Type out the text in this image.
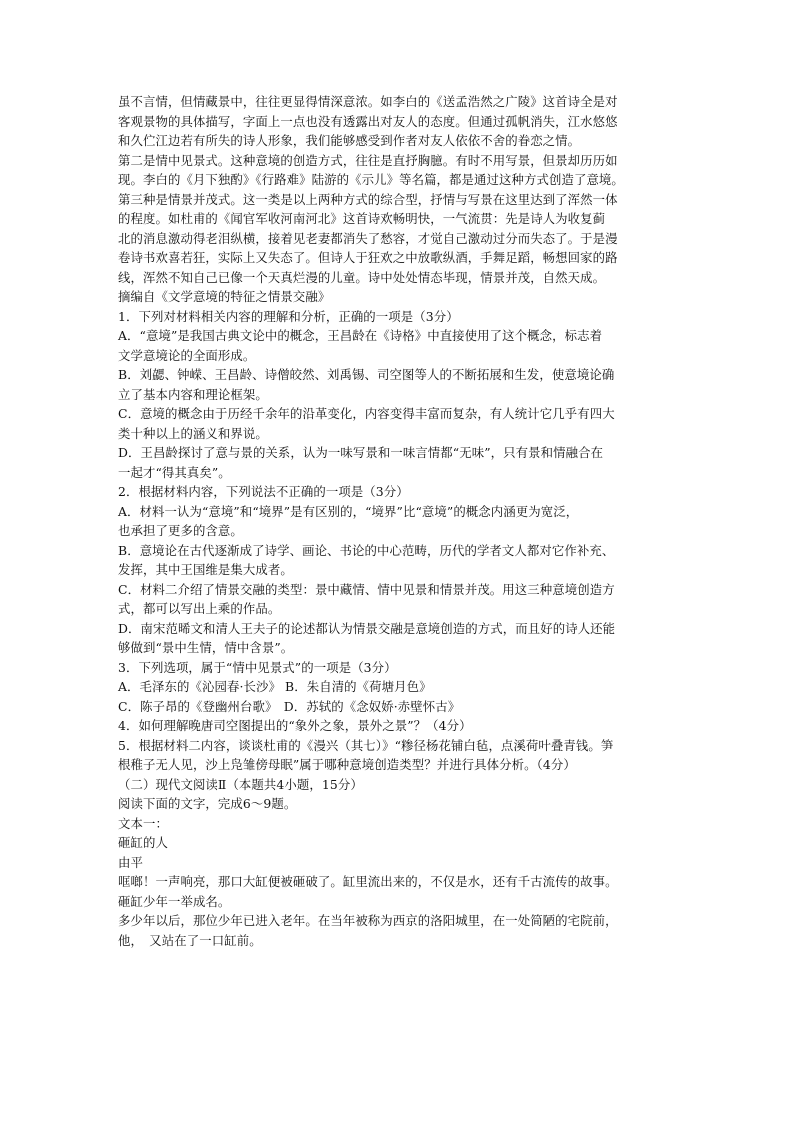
虽不言情，但情藏景中，往往更显得情深意浓。如李白的《送孟浩然之广陵》这首诗全是对
客观景物的具体描写，字面上一点也没有透露出对友人的态度。但通过孤帆消失，江水悠悠
和久伫江边若有所失的诗人形象，我们能够感受到作者对友人依依不舍的眷恋之情。
第二是情中见景式。这种意境的创造方式，往往是直抒胸臆。有时不用写景，但景却历历如
现。李白的《月下独酌》《行路难》陆游的《示儿》等名篇，都是通过这种方式创造了意境。
第三种是情景并茂式。这一类是以上两种方式的综合型，抒情与写景在这里达到了浑然一体
的程度。如杜甫的《闻官军收河南河北》这首诗欢畅明快，一气流贯：先是诗人为收复蓟
北的消息激动得老泪纵横，接着见老妻都消失了愁容，才觉自己激动过分而失态了。于是漫
卷诗书欢喜若狂，实际上又失态了。但诗人于狂欢之中放歌纵酒，手舞足蹈，畅想回家的路
线，浑然不知自己已像一个天真烂漫的儿童。诗中处处情态毕现，情景并茂，自然天成。
摘编自《文学意境的特征之情景交融》
1．下列对材料相关内容的理解和分析，正确的一项是（3分）
A．“意境”是我国古典文论中的概念，王昌龄在《诗格》中直接使用了这个概念，标志着
文学意境论的全面形成。
B．刘勰、钟嵘、王昌龄、诗僧皎然、刘禹锡、司空图等人的不断拓展和生发，使意境论确
立了基本内容和理论框架。
C．意境的概念由于历经千余年的沿革变化，内容变得丰富而复杂，有人统计它几乎有四大
类十种以上的涵义和界说。
D．王昌龄探讨了意与景的关系，认为一味写景和一味言情都“无味”，只有景和情融合在
一起才“得其真矣”。
2．根据材料内容，下列说法不正确的一项是（3分）
A．材料一认为“意境”和“境界”是有区别的，“境界”比“意境”的概念内涵更为宽泛，
也承担了更多的含意。
B．意境论在古代逐渐成了诗学、画论、书论的中心范畴，历代的学者文人都对它作补充、
发挥，其中王国维是集大成者。
C．材料二介绍了情景交融的类型：景中藏情、情中见景和情景并茂。用这三种意境创造方
式，都可以写出上乘的作品。
D．南宋范晞文和清人王夫子的论述都认为情景交融是意境创造的方式，而且好的诗人还能
够做到“景中生情，情中含景”。
3．下列选项，属于“情中见景式”的一项是（3分）
A．毛泽东的《沁园春·长沙》 B．朱自清的《荷塘月色》
C．陈子昂的《登幽州台歌》　D．苏轼的《念奴娇·赤壁怀古》
4．如何理解晚唐司空图提出的“象外之象，景外之景”？（4分）
5．根据材料二内容，谈谈杜甫的《漫兴（其七）》“糁径杨花铺白毡，点溪荷叶叠青钱。笋
根稚子无人见，沙上凫雏傍母眠”属于哪种意境创造类型？并进行具体分析。（4分）
（二）现代文阅读Ⅱ（本题共4小题，15分）
阅读下面的文字，完成6～9题。
文本一：
砸缸的人
由平
哐啷！一声响亮，那口大缸便被砸破了。缸里流出来的，不仅是水，还有千古流传的故事。
砸缸少年一举成名。
多少年以后，那位少年已进入老年。在当年被称为西京的洛阳城里，在一处简陋的宅院前，
他，　又站在了一口缸前。
